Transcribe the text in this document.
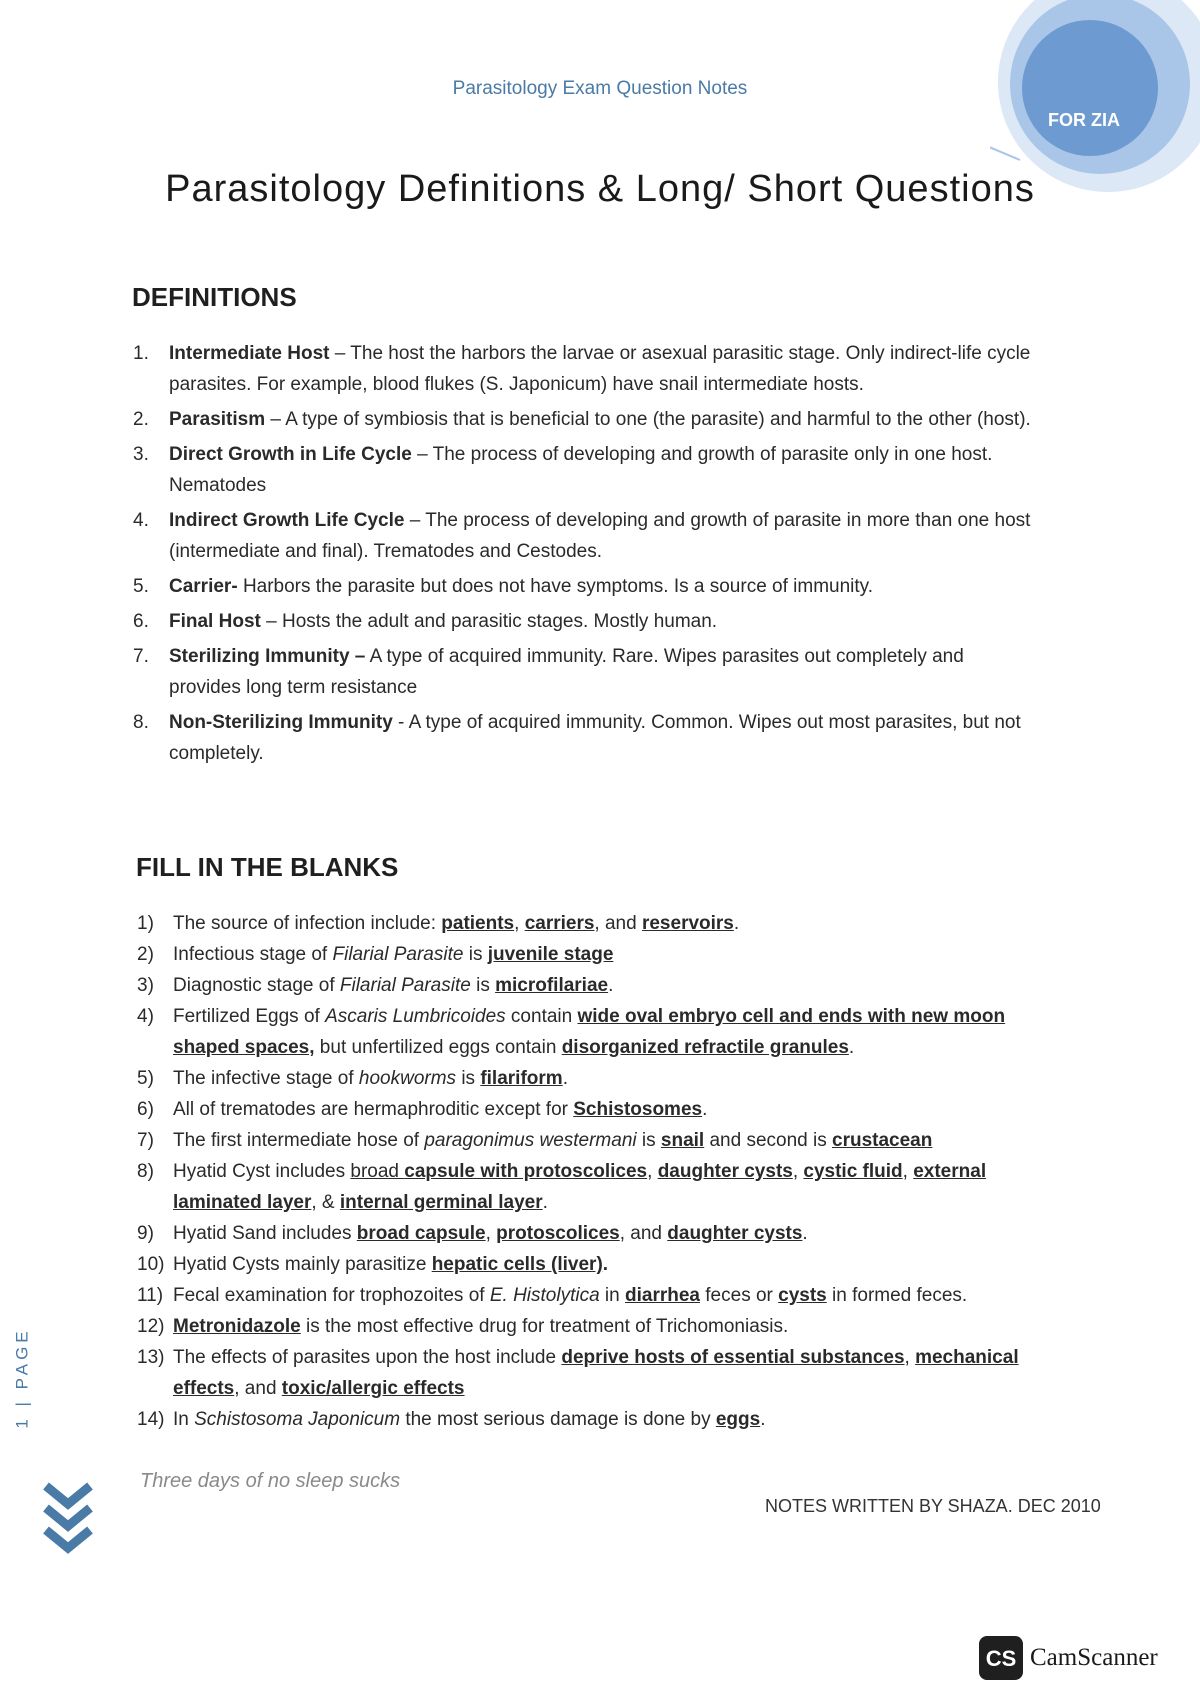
FOR ZIA
Parasitology Exam Question Notes
Parasitology Definitions & Long/ Short Questions
DEFINITIONS
1. Intermediate Host – The host the harbors the larvae or asexual parasitic stage. Only indirect-life cycle parasites. For example, blood flukes (S. Japonicum) have snail intermediate hosts.
2. Parasitism – A type of symbiosis that is beneficial to one (the parasite) and harmful to the other (host).
3. Direct Growth in Life Cycle – The process of developing and growth of parasite only in one host. Nematodes
4. Indirect Growth Life Cycle – The process of developing and growth of parasite in more than one host (intermediate and final). Trematodes and Cestodes.
5. Carrier- Harbors the parasite but does not have symptoms. Is a source of immunity.
6. Final Host – Hosts the adult and parasitic stages. Mostly human.
7. Sterilizing Immunity – A type of acquired immunity. Rare. Wipes parasites out completely and provides long term resistance
8. Non-Sterilizing Immunity - A type of acquired immunity. Common. Wipes out most parasites, but not completely.
FILL IN THE BLANKS
1) The source of infection include: patients, carriers, and reservoirs.
2) Infectious stage of Filarial Parasite is juvenile stage
3) Diagnostic stage of Filarial Parasite is microfilariae.
4) Fertilized Eggs of Ascaris Lumbricoides contain wide oval embryo cell and ends with new moon shaped spaces, but unfertilized eggs contain disorganized refractile granules.
5) The infective stage of hookworms is filariform.
6) All of trematodes are hermaphroditic except for Schistosomes.
7) The first intermediate hose of paragonimus westermani is snail and second is crustacean
8) Hyatid Cyst includes broad capsule with protoscolices, daughter cysts, cystic fluid, external laminated layer, & internal germinal layer.
9) Hyatid Sand includes broad capsule, protoscolices, and daughter cysts.
10) Hyatid Cysts mainly parasitize hepatic cells (liver).
11) Fecal examination for trophozoites of E. Histolytica in diarrhea feces or cysts in formed feces.
12) Metronidazole is the most effective drug for treatment of Trichomoniasis.
13) The effects of parasites upon the host include deprive hosts of essential substances, mechanical effects, and toxic/allergic effects
14) In Schistosoma Japonicum the most serious damage is done by eggs.
Three days of no sleep sucks
NOTES WRITTEN BY SHAZA. DEC 2010
1 | PAGE
CS CamScanner
